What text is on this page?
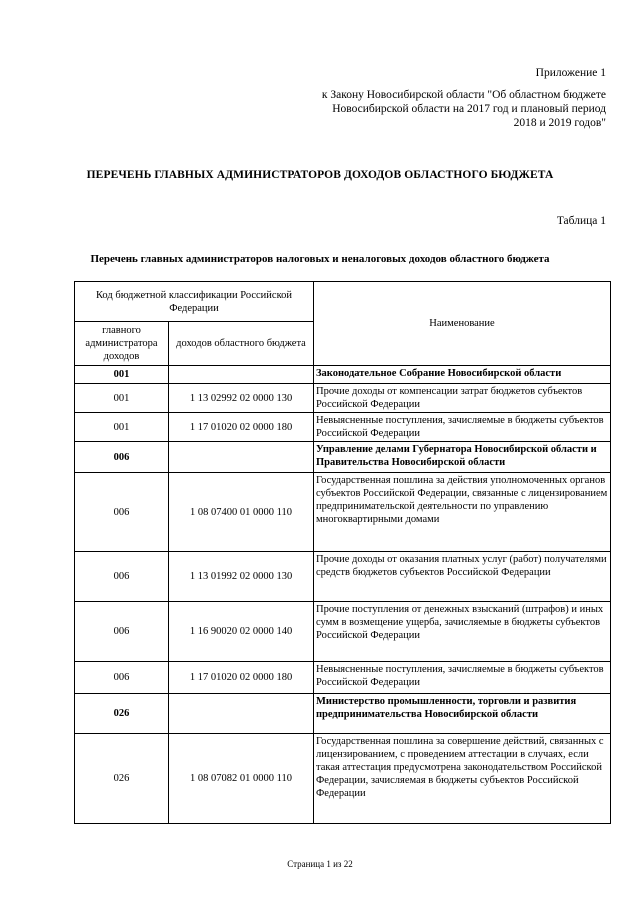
Приложение 1
к Закону Новосибирской области "Об областном бюджете
Новосибирской области на 2017 год и плановый период
2018 и 2019 годов"
ПЕРЕЧЕНЬ ГЛАВНЫХ АДМИНИСТРАТОРОВ ДОХОДОВ ОБЛАСТНОГО БЮДЖЕТА
Таблица 1
Перечень главных администраторов налоговых и неналоговых доходов областного бюджета
Код бюджетной классификации Российской Федерации		Наименование
главного администратора доходов	доходов областного бюджета	
001		Законодательное Собрание Новосибирской области
001	1 13 02992 02 0000 130	Прочие доходы от компенсации затрат бюджетов субъектов Российской Федерации
001	1 17 01020 02 0000 180	Невыясненные поступления, зачисляемые в бюджеты субъектов Российской Федерации
006		Управление делами Губернатора Новосибирской области и Правительства Новосибирской области
006	1 08 07400 01 0000 110	Государственная пошлина за действия уполномоченных органов субъектов Российской Федерации, связанные с лицензированием предпринимательской деятельности по управлению многоквартирными домами
006	1 13 01992 02 0000 130	Прочие доходы от оказания платных услуг (работ) получателями средств бюджетов субъектов Российской Федерации
006	1 16 90020 02 0000 140	Прочие поступления от денежных взысканий (штрафов) и иных сумм в возмещение ущерба, зачисляемые в бюджеты субъектов Российской Федерации
006	1 17 01020 02 0000 180	Невыясненные поступления, зачисляемые в бюджеты субъектов Российской Федерации
026		Министерство промышленности, торговли и развития предпринимательства Новосибирской области
026	1 08 07082 01 0000 110	Государственная пошлина за совершение действий, связанных с лицензированием, с проведением аттестации в случаях, если такая аттестация предусмотрена законодательством Российской Федерации, зачисляемая в бюджеты субъектов Российской Федерации
Страница 1 из 22
